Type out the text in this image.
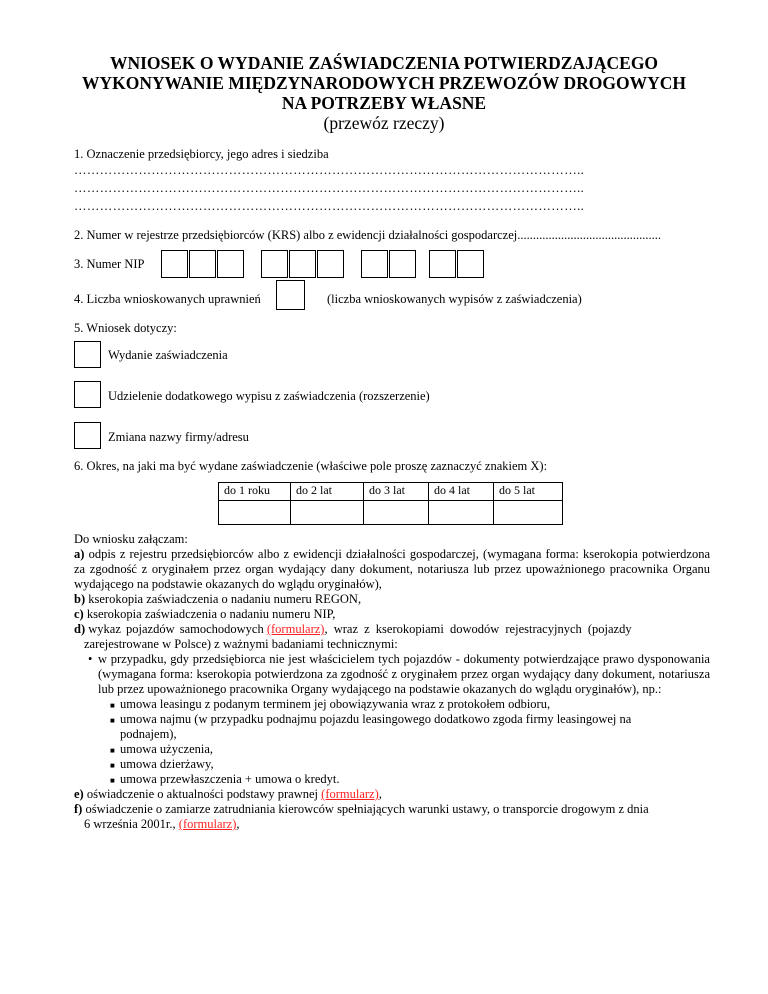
WNIOSEK O WYDANIE ZAŚWIADCZENIA POTWIERDZAJĄCEGO
WYKONYWANIE MIĘDZYNARODOWYCH PRZEWOZÓW DROGOWYCH
NA POTRZEBY WŁASNE
(przewóz rzeczy)
1. Oznaczenie przedsiębiorcy, jego adres i siedziba
………………………………………………………………………………………………………..
………………………………………………………………………………………………………..
………………………………………………………………………………………………………..
2. Numer w rejestrze przedsiębiorców (KRS) albo z ewidencji działalności gospodarczej..............................................
3. Numer NIP
4. Liczba wnioskowanych uprawnień	(liczba wnioskowanych wypisów z zaświadczenia)
5. Wniosek dotyczy:
Wydanie zaświadczenia
Udzielenie dodatkowego wypisu z zaświadczenia (rozszerzenie)
Zmiana nazwy firmy/adresu
6. Okres, na jaki ma być wydane zaświadczenie (właściwe pole proszę zaznaczyć znakiem X):
do 1 roku	do 2 lat	do 3 lat	do 4 lat	do 5 lat

Do wniosku załączam:

a) odpis z rejestru przedsiębiorców albo z ewidencji działalności gospodarczej, (wymagana forma: kserokopia potwierdzona za zgodność z oryginałem przez organ wydający dany dokument, notariusza lub przez upoważnionego pracownika Organu wydającego na podstawie okazanych do wglądu oryginałów),

b) kserokopia zaświadczenia o nadaniu numeru REGON,

c) kserokopia zaświadczenia o nadaniu numeru NIP,

d) wykaz pojazdów samochodowych (formularz), wraz z kserokopiami dowodów rejestracyjnych (pojazdy

zarejestrowane w Polsce) z ważnymi badaniami technicznymi:

• w przypadku, gdy przedsiębiorca nie jest właścicielem tych pojazdów - dokumenty potwierdzające prawo dysponowania (wymagana forma: kserokopia potwierdzona za zgodność z oryginałem przez organ wydający dany dokument, notariusza lub przez upoważnionego pracownika Organy wydającego na podstawie okazanych do wglądu oryginałów), np.:

■ umowa leasingu z podanym terminem jej obowiązywania wraz z protokołem odbioru,

■ umowa najmu (w przypadku podnajmu pojazdu leasingowego dodatkowo zgoda firmy leasingowej na

podnajem),

■ umowa użyczenia,

■ umowa dzierżawy,

■ umowa przewłaszczenia + umowa o kredyt.

e) oświadczenie o aktualności podstawy prawnej (formularz),

f) oświadczenie o zamiarze zatrudniania kierowców spełniających warunki ustawy, o transporcie drogowym z dnia

6 września 2001r., (formularz),
